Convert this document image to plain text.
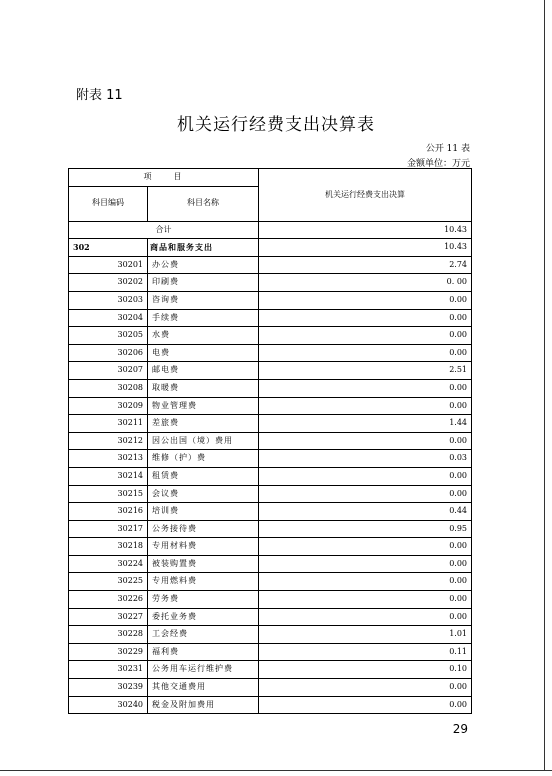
附表 11
机关运行经费支出决算表
公开 11 表
金额单位：万元
项　　目		机关运行经费支出决算
科目编码	科目名称	
合计		10.43
302	商品和服务支出	10.43
30201	办公费	2.74
30202	印刷费	0. 00
30203	咨询费	0.00
30204	手续费	0.00
30205	水费	0.00
30206	电费	0.00
30207	邮电费	2.51
30208	取暖费	0.00
30209	物业管理费	0.00
30211	差旅费	1.44
30212	因公出国（境）费用	0.00
30213	维修（护）费	0.03
30214	租赁费	0.00
30215	会议费	0.00
30216	培训费	0.44
30217	公务接待费	0.95
30218	专用材料费	0.00
30224	被装购置费	0.00
30225	专用燃料费	0.00
30226	劳务费	0.00
30227	委托业务费	0.00
30228	工会经费	1.01
30229	福利费	0.11
30231	公务用车运行维护费	0.10
30239	其他交通费用	0.00
30240	税金及附加费用	0.00
29
